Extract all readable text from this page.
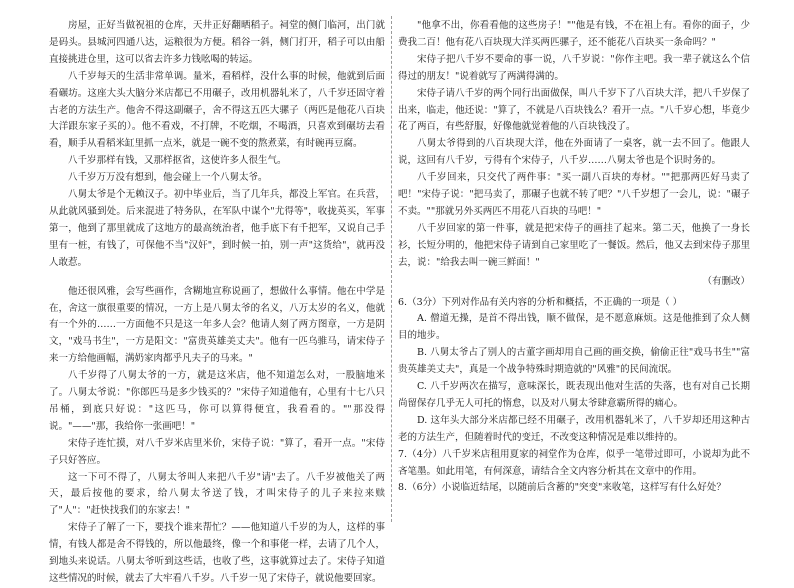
房屋，正好当做祝祖的仓库，天井正好翻晒稻子。祠堂的侧门临河，出门就是码头。县城河四通八达，运粮很为方便。稻谷一斜，侧门打开，稻子可以由船直接挑进仓里，这可以省去许多力钱吆喝的转运。

八千岁每天的生活非常单调。量米，看稻样，没什么事的时候，他就到后面看碾坊。这座大头大脑分米店都已不用碾子，改用机器轧米了，八千岁还固守着古老的方法生产。他舍不得这副碾子，舍不得这五匹大骡子（两匹是他花八百块大洋跟东家子买的）。他不看戏，不打牌，不吃烟，不喝酒，只喜欢到碾坊去看看，顺手从看稻米缸里抓一点米，就是一碗不变的熬煮菜，有时碗再豆腐。

八千岁那样有钱，又那样抠省，这使许多人很生气。

八千岁万万没有想到，他会碰上一个八舅太爷。

八舅太爷是个无赖汉子。初中毕业后，当了几年兵，都没上军官。在兵营，从此就风骚到处。后来混进了特务队，在军队中谋个"尤得等"，收拢英买，军事第一，他到了那里就成了这地方的最高统治者，他手底下有千把军，又说自己手里有一桩，有钱了，可保他不当"汉奸"，到时候一拍，别一声"这货给"，就再没人敢惹。

他还很风雅，会写些画作，含糊地宣称说画了，想做什么事情。他在中学是在，舍这一旗很重要的情况，一方上是八舅太爷的名义，八万太岁的名义，他就有一个外的……一方面他不只是这一年多人会？他请人刻了两方图章，一方是阴文，"戏马书生"，一方是阳文："富贵英雄美丈夫"。他有一匹乌骓马，请宋侍子来一方给他画幅，满奶家肉都乎凡夫子的马来。"

八千岁得了八舅太爷的一方，就是这米店，他不知道怎么对，一股脑地米了。八舅太爷说："你郎匹马是多少钱买的？"宋侍子知道他有，心里有十七八只吊桶，到底只好说："这匹马，你可以算得便宜，我看看的。""那没得说。"——"那，我给你一张画吧！"

宋侍子连忙摸，对八千岁米店里米价，宋侍子说："算了，看开一点。"宋侍子只好答应。

这一下可不得了，八舅太爷叫人来把八千岁"请"去了。八千岁被他关了两天，最后按他的要求，给八舅太爷送了钱，才叫宋侍子的儿子来拉来赎了"人"："赶快找我们的东家去！"

宋侍子了解了一下，要找个谁来帮忙？——他知道八千岁的为人，这样的事情，有钱人都是舍不得钱的，所以他最终，像一个和事佬一样，去请了几个人，到地头来说话。八舅太爷听到这些话，也收了些，这事就算过去了。宋侍子知道这些情况的时候，就去了大牢看八千岁。八千岁一见了宋侍子，就说他要回家。

"他拿不出，你看看他的这些房子！""他是有钱，不在祖上有。看你的面子，少费我二百！他有花八百块现大洋买两匹骡子，还不能花八百块买一条命吗？"

宋侍子把八千岁不要命的事一说，八千岁说："你作主吧。我一辈子就这么个信得过的朋友！"说着就写了两满得满的。

宋侍子请八千岁的两个同行出面做保，叫八千岁下了八百块大洋，把八千岁保了出来，临走，他还说："算了，不就是八百块钱么？看开一点。"八千岁心想，毕竟少花了两百，有些舒服，好像他就觉着他的八百块钱没了。

八舅太爷得到的八百块现大洋，他在外面请了一桌客，就一去不回了。他跟人说，这回有八千岁，亏得有个宋侍子，八千岁……八舅太爷也是个识时务的。

八千岁回来，只交代了两件事："买一副八百块的寿材。""把那两匹好马卖了吧！"宋侍子说："把马卖了，那碾子也就不转了吧？"八千岁想了一会儿，说："碾子不卖。""那就另外买两匹不用花八百块的马吧！"

八千岁回家的第一件事，就是把宋侍子的画挂了起来。第二天，他换了一身长衫，长短分明的，他把宋侍子请到自己家里吃了一餐饭。然后，他又去到宋侍子那里去，说："给我去叫一碗三鲜面！"

（有删改）

6.（3分）下列对作品有关内容的分析和概括，不正确的一项是（ ）

A. 僧道无操，是首不得出钱，顺不做保，是不愿意麻烦。这是他推到了众人侧目的地步。

B. 八舅太爷占了别人的古董字画却用自己画的画交换，偷偷正往"戏马书生""富贵英雄美丈夫"，真是一个战争特殊时期造就的"风雅"的民间流氓。

C. 八千岁两次在描写，意味深长，既表现出他对生活的失落，也有对自己长期尚留保存几乎无人可托的惰怠，以及对八舅太爷肆意霸所得的痛心。

D. 这年头大部分米店都已经不用碾子，改用机器轧米了，八千岁却还用这种古老的方法生产，但随着时代的变迁，不改变这种情况是难以维持的。

7.（4分）八千岁米店租用夏家的祠堂作为仓库，似乎一笔带过即可，小说却为此不吝笔墨。如此用笔，有何深意，请结合全文内容分析其在文章中的作用。

8.（6分）小说临近结尾，以随前后含蓄的"突变"来收笔，这样写有什么好处？
